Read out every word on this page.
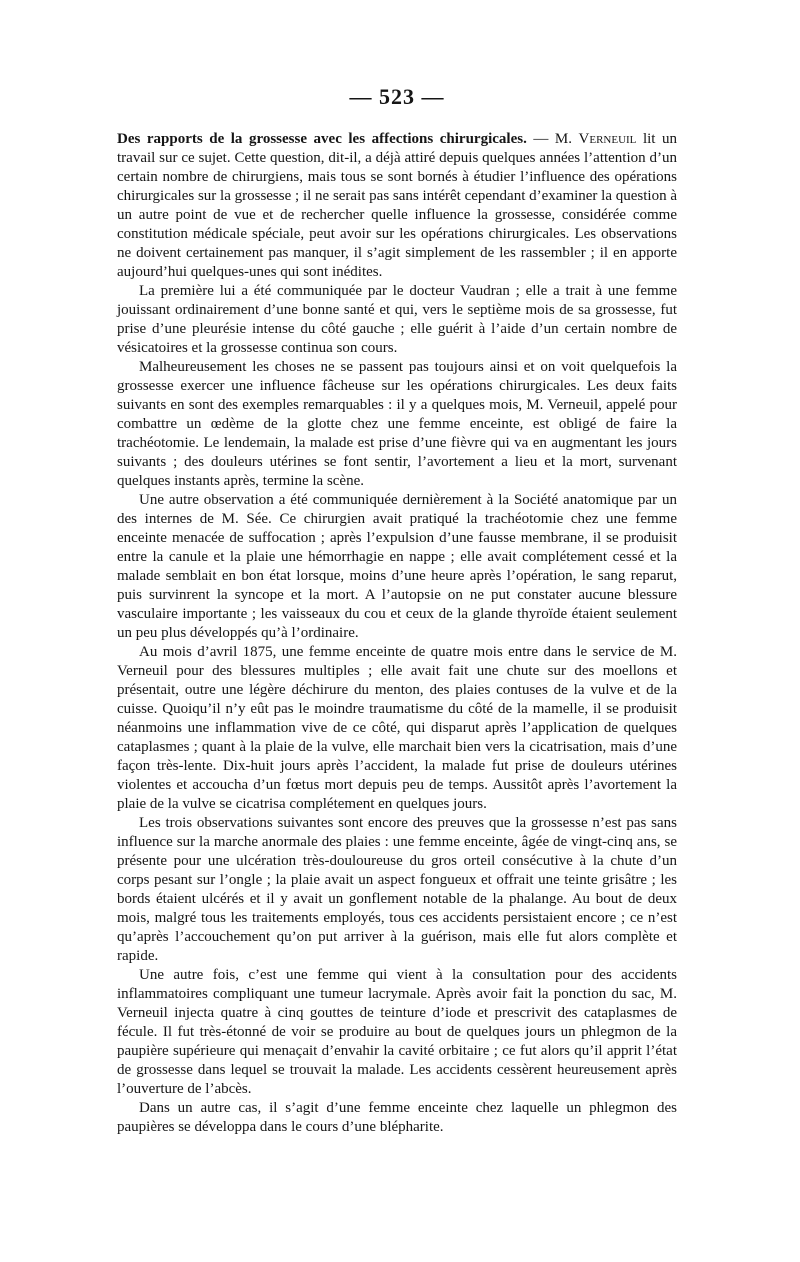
— 523 —

Des rapports de la grossesse avec les affections chirurgicales. — M. Verneuil lit un travail sur ce sujet. Cette question, dit-il, a déjà attiré depuis quelques années l’attention d’un certain nombre de chirurgiens, mais tous se sont bornés à étudier l’influence des opérations chirurgicales sur la grossesse ; il ne serait pas sans intérêt cependant d’examiner la question à un autre point de vue et de rechercher quelle influence la grossesse, considérée comme constitution médicale spéciale, peut avoir sur les opérations chirurgicales. Les observations ne doivent certainement pas manquer, il s’agit simplement de les rassembler ; il en apporte aujourd’hui quelques-unes qui sont inédites.

La première lui a été communiquée par le docteur Vaudran ; elle a trait à une femme jouissant ordinairement d’une bonne santé et qui, vers le septième mois de sa grossesse, fut prise d’une pleurésie intense du côté gauche ; elle guérit à l’aide d’un certain nombre de vésicatoires et la grossesse continua son cours.

Malheureusement les choses ne se passent pas toujours ainsi et on voit quelquefois la grossesse exercer une influence fâcheuse sur les opérations chirurgicales. Les deux faits suivants en sont des exemples remarquables : il y a quelques mois, M. Verneuil, appelé pour combattre un œdème de la glotte chez une femme enceinte, est obligé de faire la trachéotomie. Le lendemain, la malade est prise d’une fièvre qui va en augmentant les jours suivants ; des douleurs utérines se font sentir, l’avortement a lieu et la mort, survenant quelques instants après, termine la scène.

Une autre observation a été communiquée dernièrement à la Société anatomique par un des internes de M. Sée. Ce chirurgien avait pratiqué la trachéotomie chez une femme enceinte menacée de suffocation ; après l’expulsion d’une fausse membrane, il se produisit entre la canule et la plaie une hémorrhagie en nappe ; elle avait complétement cessé et la malade semblait en bon état lorsque, moins d’une heure après l’opération, le sang reparut, puis survinrent la syncope et la mort. A l’autopsie on ne put constater aucune blessure vasculaire importante ; les vaisseaux du cou et ceux de la glande thyroïde étaient seulement un peu plus développés qu’à l’ordinaire.

Au mois d’avril 1875, une femme enceinte de quatre mois entre dans le service de M. Verneuil pour des blessures multiples ; elle avait fait une chute sur des moellons et présentait, outre une légère déchirure du menton, des plaies contuses de la vulve et de la cuisse. Quoiqu’il n’y eût pas le moindre traumatisme du côté de la mamelle, il se produisit néanmoins une inflammation vive de ce côté, qui disparut après l’application de quelques cataplasmes ; quant à la plaie de la vulve, elle marchait bien vers la cicatrisation, mais d’une façon très-lente. Dix-huit jours après l’accident, la malade fut prise de douleurs utérines violentes et accoucha d’un fœtus mort depuis peu de temps. Aussitôt après l’avortement la plaie de la vulve se cicatrisa complétement en quelques jours.

Les trois observations suivantes sont encore des preuves que la grossesse n’est pas sans influence sur la marche anormale des plaies : une femme enceinte, âgée de vingt-cinq ans, se présente pour une ulcération très-douloureuse du gros orteil consécutive à la chute d’un corps pesant sur l’ongle ; la plaie avait un aspect fongueux et offrait une teinte grisâtre ; les bords étaient ulcérés et il y avait un gonflement notable de la phalange. Au bout de deux mois, malgré tous les traitements employés, tous ces accidents persistaient encore ; ce n’est qu’après l’accouchement qu’on put arriver à la guérison, mais elle fut alors complète et rapide.

Une autre fois, c’est une femme qui vient à la consultation pour des accidents inflammatoires compliquant une tumeur lacrymale. Après avoir fait la ponction du sac, M. Verneuil injecta quatre à cinq gouttes de teinture d’iode et prescrivit des cataplasmes de fécule. Il fut très-étonné de voir se produire au bout de quelques jours un phlegmon de la paupière supérieure qui menaçait d’envahir la cavité orbitaire ; ce fut alors qu’il apprit l’état de grossesse dans lequel se trouvait la malade. Les accidents cessèrent heureusement après l’ouverture de l’abcès.

Dans un autre cas, il s’agit d’une femme enceinte chez laquelle un phlegmon des paupières se développa dans le cours d’une blépharite.
